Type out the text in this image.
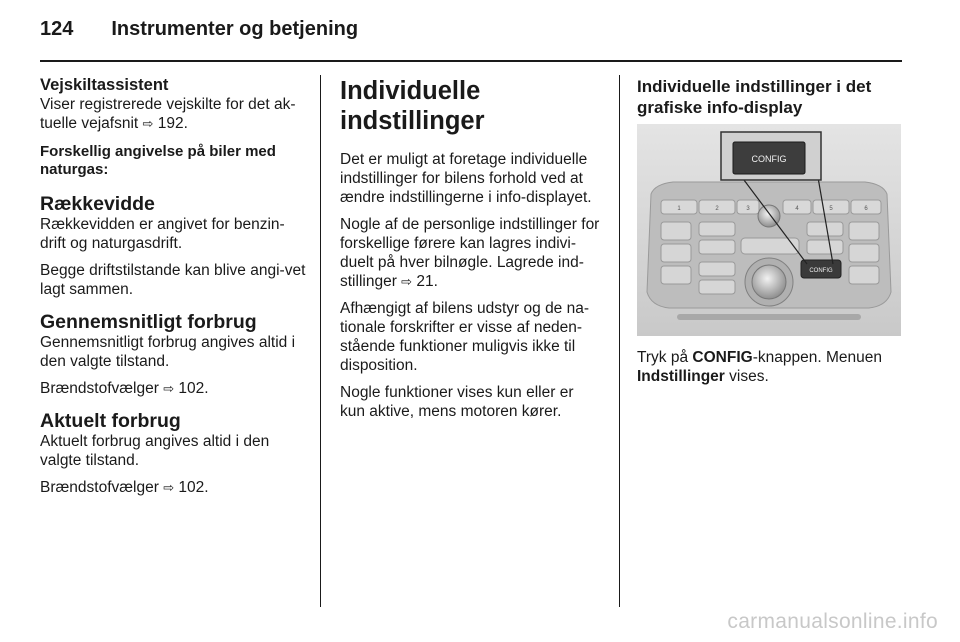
124 Instrumenter og betjening
Vejskiltassistent

Viser registrerede vejskilte for det ak-tuelle vejafsnit ⇨ 192.

Forskellig angivelse på biler med naturgas:
Rækkevidde

Rækkevidden er angivet for benzin-drift og naturgasdrift.

Begge driftstilstande kan blive angi-vet lagt sammen.

Gennemsnitligt forbrug

Gennemsnitligt forbrug angives altid i den valgte tilstand.

Brændstofvælger ⇨ 102.

Aktuelt forbrug

Aktuelt forbrug angives altid i den valgte tilstand.

Brændstofvælger ⇨ 102.

Individuelle indstillinger

Det er muligt at foretage individuelle indstillinger for bilens forhold ved at ændre indstillingerne i info-displayet.

Nogle af de personlige indstillinger for forskellige førere kan lagres indivi-duelt på hver bilnøgle. Lagrede ind-stillinger ⇨ 21.

Afhængigt af bilens udstyr og de na-tionale forskrifter er visse af neden-stående funktioner muligvis ikke til disposition.

Nogle funktioner vises kun eller er kun aktive, mens motoren kører.

Individuelle indstillinger i det grafiske info-display
1	2	3	4	5	6
CONFIG
CONFIG

Tryk på CONFIG-knappen. Menuen Indstillinger vises.

carmanualsonline.info
